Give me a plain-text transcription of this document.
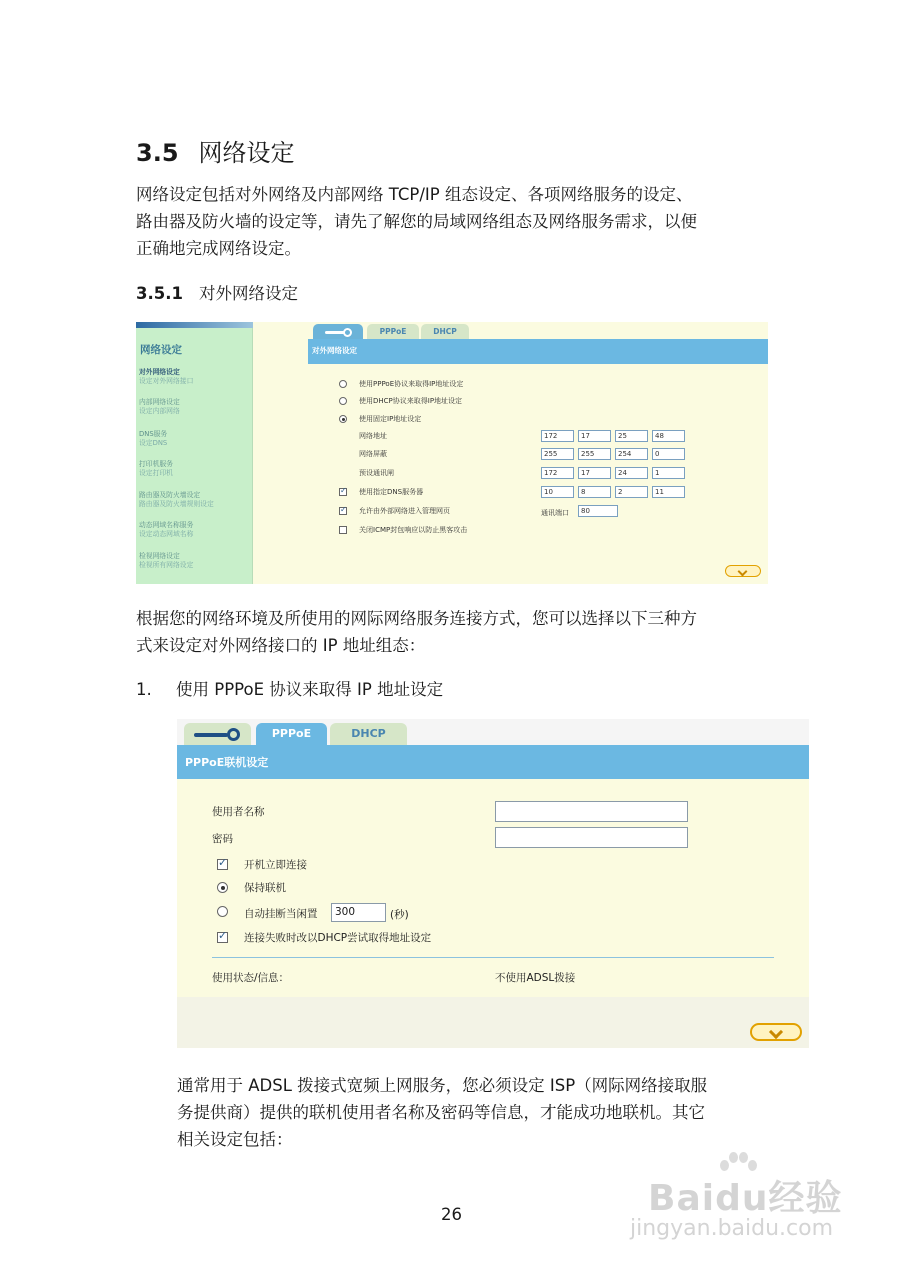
3.5 网络设定
网络设定包括对外网络及内部网络 TCP/IP 组态设定、各项网络服务的设定、
路由器及防火墙的设定等，请先了解您的局域网络组态及网络服务需求，以便
正确地完成网络设定。
3.5.1 对外网络设定
网络设定
对外网络设定
设定对外网络接口
内部网络设定
设定内部网络
DNS服务
设定DNS
打印机服务
设定打印机
路由器及防火墙设定
路由器及防火墙规则设定
动态网域名称服务
设定动态网域名称
检视网络设定
检视所有网络设定
PPPoE	DHCP
对外网络设定
使用PPPoE协议来取得IP地址设定
使用DHCP协议来取得IP地址设定
使用固定IP地址设定
网络地址	172	17	25	48
网络屏蔽	255	255	254	0
预设通讯闸	172	17	24	1
✓
使用指定DNS服务器	10	8	2	11
✓
允许由外部网络进入管理网页	通讯端口	80
关闭ICMP封包响应以防止黑客攻击
根据您的网络环境及所使用的网际网络服务连接方式，您可以选择以下三种方
式来设定对外网络接口的 IP 地址组态：
1. 使用 PPPoE 协议来取得 IP 地址设定
PPPoE	DHCP
PPPoE联机设定
使用者名称
密码
✓
开机立即连接
保持联机
自动挂断当闲置	300	(秒)
✓
连接失败时改以DHCP尝试取得地址设定
使用状态/信息：	不使用ADSL拨接
通常用于 ADSL 拨接式宽频上网服务，您必须设定 ISP（网际网络接取服
务提供商）提供的联机使用者名称及密码等信息，才能成功地联机。其它
相关设定包括：
26	Baidu经验
jingyan.baidu.com
